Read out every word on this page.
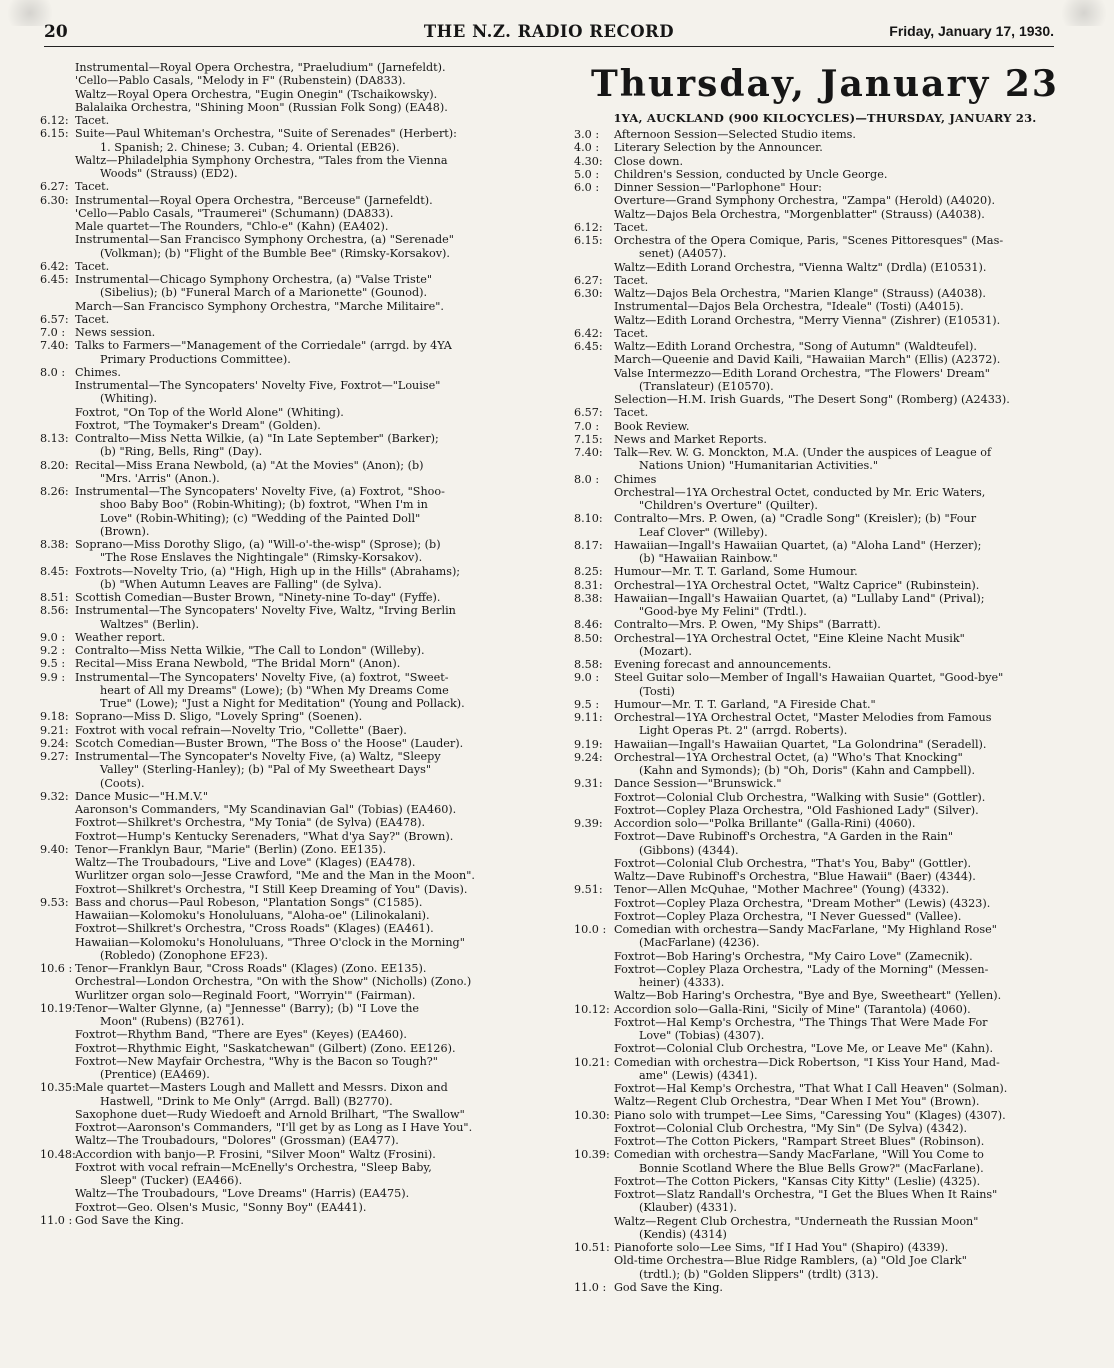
20	THE N.Z. RADIO RECORD	Friday, January 17, 1930.
Instrumental—Royal Opera Orchestra, "Praeludium" (Jarnefeldt).
'Cello—Pablo Casals, "Melody in F" (Rubenstein) (DA833).
Waltz—Royal Opera Orchestra, "Eugin Onegin" (Tschaikowsky).
Balalaika Orchestra, "Shining Moon" (Russian Folk Song) (EA48).
6.12: Tacet.
6.15: Suite—Paul Whiteman's Orchestra, "Suite of Serenades" (Herbert):
1. Spanish; 2. Chinese; 3. Cuban; 4. Oriental (EB26).
Waltz—Philadelphia Symphony Orchestra, "Tales from the Vienna
Woods" (Strauss) (ED2).
6.27: Tacet.
6.30: Instrumental—Royal Opera Orchestra, "Berceuse" (Jarnefeldt).
'Cello—Pablo Casals, "Traumerei" (Schumann) (DA833).
Male quartet—The Rounders, "Chlo-e" (Kahn) (EA402).
Instrumental—San Francisco Symphony Orchestra, (a) "Serenade"
(Volkman); (b) "Flight of the Bumble Bee" (Rimsky-Korsakov).
6.42: Tacet.
6.45: Instrumental—Chicago Symphony Orchestra, (a) "Valse Triste"
(Sibelius); (b) "Funeral March of a Marionette" (Gounod).
March—San Francisco Symphony Orchestra, "Marche Militaire".
6.57: Tacet.
7.0 : News session.
7.40: Talks to Farmers—"Management of the Corriedale" (arrgd. by 4YA
Primary Productions Committee).
8.0 : Chimes.
Instrumental—The Syncopaters' Novelty Five, Foxtrot—"Louise"
(Whiting).
Foxtrot, "On Top of the World Alone" (Whiting).
Foxtrot, "The Toymaker's Dream" (Golden).
8.13: Contralto—Miss Netta Wilkie, (a) "In Late September" (Barker);
(b) "Ring, Bells, Ring" (Day).
8.20: Recital—Miss Erana Newbold, (a) "At the Movies" (Anon); (b)
"Mrs. 'Arris" (Anon.).
8.26: Instrumental—The Syncopaters' Novelty Five, (a) Foxtrot, "Shoo-
shoo Baby Boo" (Robin-Whiting); (b) foxtrot, "When I'm in
Love" (Robin-Whiting); (c) "Wedding of the Painted Doll"
(Brown).
8.38: Soprano—Miss Dorothy Sligo, (a) "Will-o'-the-wisp" (Sprose); (b)
"The Rose Enslaves the Nightingale" (Rimsky-Korsakov).
8.45: Foxtrots—Novelty Trio, (a) "High, High up in the Hills" (Abrahams);
(b) "When Autumn Leaves are Falling" (de Sylva).
8.51: Scottish Comedian—Buster Brown, "Ninety-nine To-day" (Fyffe).
8.56: Instrumental—The Syncopaters' Novelty Five, Waltz, "Irving Berlin
Waltzes" (Berlin).
9.0 : Weather report.
9.2 : Contralto—Miss Netta Wilkie, "The Call to London" (Willeby).
9.5 : Recital—Miss Erana Newbold, "The Bridal Morn" (Anon).
9.9 : Instrumental—The Syncopaters' Novelty Five, (a) foxtrot, "Sweet-
heart of All my Dreams" (Lowe); (b) "When My Dreams Come
True" (Lowe); "Just a Night for Meditation" (Young and Pollack).
9.18: Soprano—Miss D. Sligo, "Lovely Spring" (Soenen).
9.21: Foxtrot with vocal refrain—Novelty Trio, "Collette" (Baer).
9.24: Scotch Comedian—Buster Brown, "The Boss o' the Hoose" (Lauder).
9.27: Instrumental—The Syncopater's Novelty Five, (a) Waltz, "Sleepy
Valley" (Sterling-Hanley); (b) "Pal of My Sweetheart Days"
(Coots).
9.32: Dance Music—"H.M.V."
Aaronson's Commanders, "My Scandinavian Gal" (Tobias) (EA460).
Foxtrot—Shilkret's Orchestra, "My Tonia" (de Sylva) (EA478).
Foxtrot—Hump's Kentucky Serenaders, "What d'ya Say?" (Brown).
9.40: Tenor—Franklyn Baur, "Marie" (Berlin) (Zono. EE135).
Waltz—The Troubadours, "Live and Love" (Klages) (EA478).
Wurlitzer organ solo—Jesse Crawford, "Me and the Man in the Moon".
Foxtrot—Shilkret's Orchestra, "I Still Keep Dreaming of You" (Davis).
9.53: Bass and chorus—Paul Robeson, "Plantation Songs" (C1585).
Hawaiian—Kolomoku's Honoluluans, "Aloha-oe" (Lilinokalani).
Foxtrot—Shilkret's Orchestra, "Cross Roads" (Klages) (EA461).
Hawaiian—Kolomoku's Honoluluans, "Three O'clock in the Morning"
(Robledo) (Zonophone EF23).
10.6 : Tenor—Franklyn Baur, "Cross Roads" (Klages) (Zono. EE135).
Orchestral—London Orchestra, "On with the Show" (Nicholls) (Zono.)
Wurlitzer organ solo—Reginald Foort, "Worryin'" (Fairman).
10.19: Tenor—Walter Glynne, (a) "Jennesse" (Barry); (b) "I Love the
Moon" (Rubens) (B2761).
Foxtrot—Rhythm Band, "There are Eyes" (Keyes) (EA460).
Foxtrot—Rhythmic Eight, "Saskatchewan" (Gilbert) (Zono. EE126).
Foxtrot—New Mayfair Orchestra, "Why is the Bacon so Tough?"
(Prentice) (EA469).
10.35: Male quartet—Masters Lough and Mallett and Messrs. Dixon and
Hastwell, "Drink to Me Only" (Arrgd. Ball) (B2770).
Saxophone duet—Rudy Wiedoeft and Arnold Brilhart, "The Swallow"
Foxtrot—Aaronson's Commanders, "I'll get by as Long as I Have You".
Waltz—The Troubadours, "Dolores" (Grossman) (EA477).
10.48: Accordion with banjo—P. Frosini, "Silver Moon" Waltz (Frosini).
Foxtrot with vocal refrain—McEnelly's Orchestra, "Sleep Baby,
Sleep" (Tucker) (EA466).
Waltz—The Troubadours, "Love Dreams" (Harris) (EA475).
Foxtrot—Geo. Olsen's Music, "Sonny Boy" (EA441).
11.0 : God Save the King.
Thursday, January 23
1YA, AUCKLAND (900 KILOCYCLES)—THURSDAY, JANUARY 23.
3.0 :	Afternoon Session—Selected Studio items.
4.0 :	Literary Selection by the Announcer.
4.30:	Close down.
5.0 :	Children's Session, conducted by Uncle George.
6.0 :	Dinner Session—"Parlophone" Hour:
Overture—Grand Symphony Orchestra, "Zampa" (Herold) (A4020).
Waltz—Dajos Bela Orchestra, "Morgenblatter" (Strauss) (A4038).
6.12:	Tacet.
6.15:	Orchestra of the Opera Comique, Paris, "Scenes Pittoresques" (Mas-
senet) (A4057).
Waltz—Edith Lorand Orchestra, "Vienna Waltz" (Drdla) (E10531).
6.27:	Tacet.
6.30:	Waltz—Dajos Bela Orchestra, "Marien Klange" (Strauss) (A4038).
Instrumental—Dajos Bela Orchestra, "Ideale" (Tosti) (A4015).
Waltz—Edith Lorand Orchestra, "Merry Vienna" (Zishrer) (E10531).
6.42:	Tacet.
6.45:	Waltz—Edith Lorand Orchestra, "Song of Autumn" (Waldteufel).
March—Queenie and David Kaili, "Hawaiian March" (Ellis) (A2372).
Valse Intermezzo—Edith Lorand Orchestra, "The Flowers' Dream"
(Translateur) (E10570).
Selection—H.M. Irish Guards, "The Desert Song" (Romberg) (A2433).
6.57:	Tacet.
7.0 :	Book Review.
7.15:	News and Market Reports.
7.40:	Talk—Rev. W. G. Monckton, M.A. (Under the auspices of League of
Nations Union) "Humanitarian Activities."
8.0 :	Chimes
Orchestral—1YA Orchestral Octet, conducted by Mr. Eric Waters,
"Children's Overture" (Quilter).
8.10:	Contralto—Mrs. P. Owen, (a) "Cradle Song" (Kreisler); (b) "Four
Leaf Clover" (Willeby).
8.17:	Hawaiian—Ingall's Hawaiian Quartet, (a) "Aloha Land" (Herzer);
(b) "Hawaiian Rainbow."
8.25:	Humour—Mr. T. T. Garland, Some Humour.
8.31:	Orchestral—1YA Orchestral Octet, "Waltz Caprice" (Rubinstein).
8.38:	Hawaiian—Ingall's Hawaiian Quartet, (a) "Lullaby Land" (Prival);
"Good-bye My Felini" (Trdtl.).
8.46:	Contralto—Mrs. P. Owen, "My Ships" (Barratt).
8.50:	Orchestral—1YA Orchestral Octet, "Eine Kleine Nacht Musik"
(Mozart).
8.58:	Evening forecast and announcements.
9.0 :	Steel Guitar solo—Member of Ingall's Hawaiian Quartet, "Good-bye"
(Tosti)
9.5 :	Humour—Mr. T. T. Garland, "A Fireside Chat."
9.11:	Orchestral—1YA Orchestral Octet, "Master Melodies from Famous
Light Operas Pt. 2" (arrgd. Roberts).
9.19:	Hawaiian—Ingall's Hawaiian Quartet, "La Golondrina" (Seradell).
9.24:	Orchestral—1YA Orchestral Octet, (a) "Who's That Knocking"
(Kahn and Symonds); (b) "Oh, Doris" (Kahn and Campbell).
9.31:	Dance Session—"Brunswick."
Foxtrot—Colonial Club Orchestra, "Walking with Susie" (Gottler).
Foxtrot—Copley Plaza Orchestra, "Old Fashioned Lady" (Silver).
9.39:	Accordion solo—"Polka Brillante" (Galla-Rini) (4060).
Foxtrot—Dave Rubinoff's Orchestra, "A Garden in the Rain"
(Gibbons) (4344).
Foxtrot—Colonial Club Orchestra, "That's You, Baby" (Gottler).
Waltz—Dave Rubinoff's Orchestra, "Blue Hawaii" (Baer) (4344).
9.51:	Tenor—Allen McQuhae, "Mother Machree" (Young) (4332).
Foxtrot—Copley Plaza Orchestra, "Dream Mother" (Lewis) (4323).
Foxtrot—Copley Plaza Orchestra, "I Never Guessed" (Vallee).
10.0 : Comedian with orchestra—Sandy MacFarlane, "My Highland Rose"
(MacFarlane) (4236).
Foxtrot—Bob Haring's Orchestra, "My Cairo Love" (Zamecnik).
Foxtrot—Copley Plaza Orchestra, "Lady of the Morning" (Messen-
heiner) (4333).
Waltz—Bob Haring's Orchestra, "Bye and Bye, Sweetheart" (Yellen).
10.12: Accordion solo—Galla-Rini, "Sicily of Mine" (Tarantola) (4060).
Foxtrot—Hal Kemp's Orchestra, "The Things That Were Made For
Love" (Tobias) (4307).
Foxtrot—Colonial Club Orchestra, "Love Me, or Leave Me" (Kahn).
10.21: Comedian with orchestra—Dick Robertson, "I Kiss Your Hand, Mad-
ame" (Lewis) (4341).
Foxtrot—Hal Kemp's Orchestra, "That What I Call Heaven" (Solman).
Waltz—Regent Club Orchestra, "Dear When I Met You" (Brown).
10.30: Piano solo with trumpet—Lee Sims, "Caressing You" (Klages) (4307).
Foxtrot—Colonial Club Orchestra, "My Sin" (De Sylva) (4342).
Foxtrot—The Cotton Pickers, "Rampart Street Blues" (Robinson).
10.39: Comedian with orchestra—Sandy MacFarlane, "Will You Come to
Bonnie Scotland Where the Blue Bells Grow?" (MacFarlane).
Foxtrot—The Cotton Pickers, "Kansas City Kitty" (Leslie) (4325).
Foxtrot—Slatz Randall's Orchestra, "I Get the Blues When It Rains"
(Klauber) (4331).
Waltz—Regent Club Orchestra, "Underneath the Russian Moon"
(Kendis) (4314)
10.51: Pianoforte solo—Lee Sims, "If I Had You" (Shapiro) (4339).
Old-time Orchestra—Blue Ridge Ramblers, (a) "Old Joe Clark"
(trdtl.); (b) "Golden Slippers" (trdlt) (313).
11.0 : God Save the King.
